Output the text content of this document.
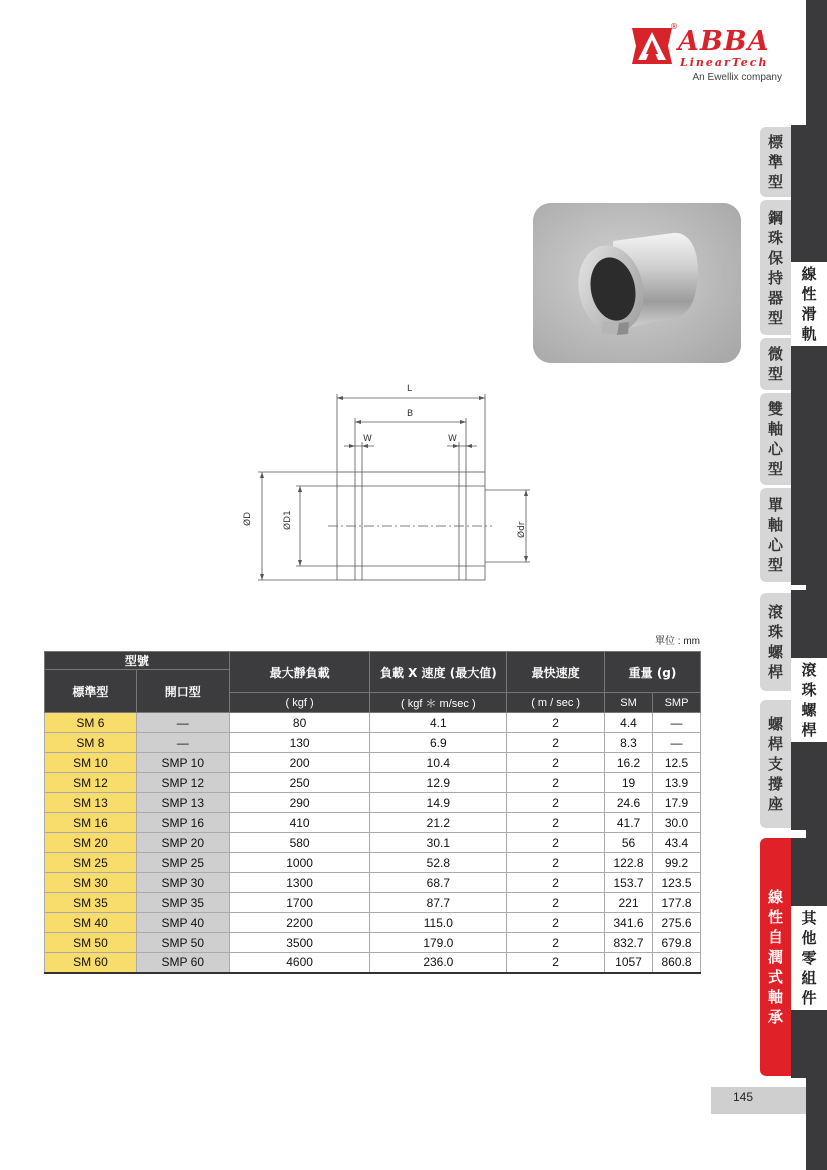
® ABBA
LinearTech
An Ewellix company
標
準
型
鋼
珠
保
持
器
型
微
型
雙
軸
心
型
單
軸
心
型
滾
珠
螺
桿
螺
桿
支
撐
座
線
性
自
潤
式
軸
承
線
性
滑
軌
滾
珠
螺
桿
其
他
零
組
件
L
B
W	W
ØD	ØD1	Ødr
單位 : mm
型號		最大靜負載	負載 X 速度 (最大值)	最快速度	重量 (g)	
標準型	開口型					
		( kgf )	( kgf ＊ m/sec )	( m / sec )	SM	SMP
SM 6	—	80	4.1	2	4.4	—
SM 8	—	130	6.9	2	8.3	—
SM 10	SMP 10	200	10.4	2	16.2	12.5
SM 12	SMP 12	250	12.9	2	19	13.9
SM 13	SMP 13	290	14.9	2	24.6	17.9
SM 16	SMP 16	410	21.2	2	41.7	30.0
SM 20	SMP 20	580	30.1	2	56	43.4
SM 25	SMP 25	1000	52.8	2	122.8	99.2
SM 30	SMP 30	1300	68.7	2	153.7	123.5
SM 35	SMP 35	1700	87.7	2	221	177.8
SM 40	SMP 40	2200	115.0	2	341.6	275.6
SM 50	SMP 50	3500	179.0	2	832.7	679.8
SM 60	SMP 60	4600	236.0	2	1057	860.8
145
